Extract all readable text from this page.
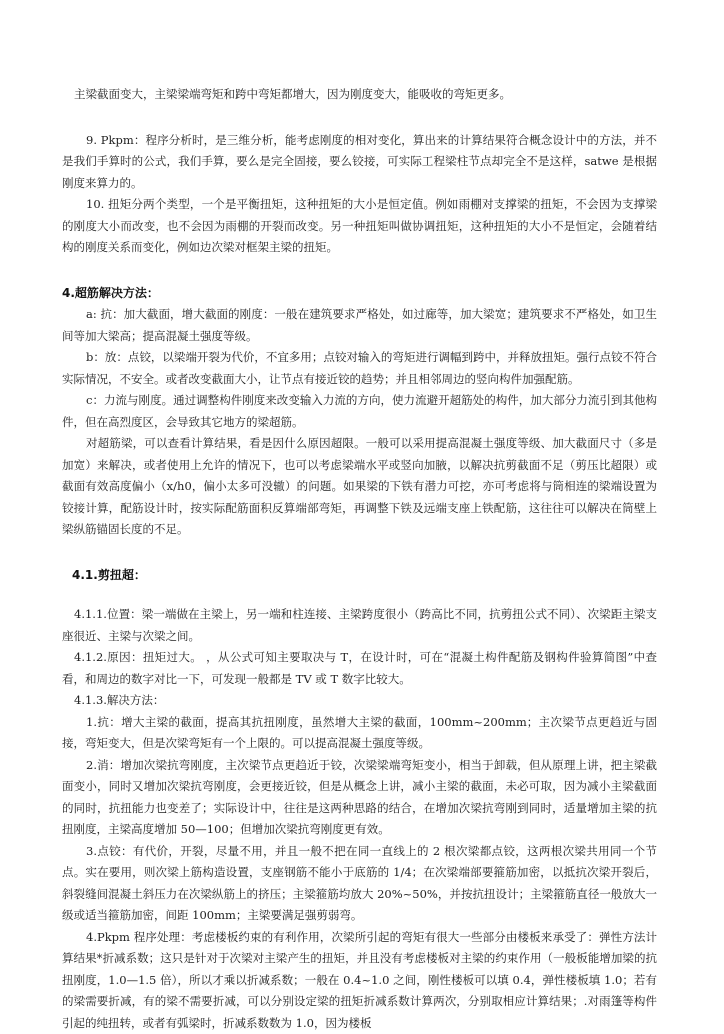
主梁截面变大，主梁梁端弯矩和跨中弯矩都增大，因为刚度变大，能吸收的弯矩更多。

9. Pkpm：程序分析时，是三维分析，能考虑刚度的相对变化，算出来的计算结果符合概念设计中的方法，并不是我们手算时的公式，我们手算，要么是完全固接，要么铰接，可实际工程梁柱节点却完全不是这样，satwe 是根据刚度来算力的。

10. 扭矩分两个类型，一个是平衡扭矩，这种扭矩的大小是恒定值。例如雨棚对支撑梁的扭矩，不会因为支撑梁的刚度大小而改变，也不会因为雨棚的开裂而改变。另一种扭矩叫做协调扭矩，这种扭矩的大小不是恒定，会随着结构的刚度关系而变化，例如边次梁对框架主梁的扭矩。

4.超筋解决方法：

a: 抗：加大截面，增大截面的刚度：一般在建筑要求严格处，如过廊等，加大梁宽；建筑要求不严格处，如卫生间等加大梁高；提高混凝土强度等级。

b：放：点铰，以梁端开裂为代价，不宜多用；点铰对输入的弯矩进行调幅到跨中，并释放扭矩。强行点铰不符合实际情况，不安全。或者改变截面大小，让节点有接近铰的趋势；并且相邻周边的竖向构件加强配筋。

c：力流与刚度。通过调整构件刚度来改变输入力流的方向，使力流避开超筋处的构件，加大部分力流引到其他构件，但在高烈度区，会导致其它地方的梁超筋。

对超筋梁，可以查看计算结果，看是因什么原因超限。一般可以采用提高混凝土强度等级、加大截面尺寸（多是加宽）来解决，或者使用上允许的情况下，也可以考虑梁端水平或竖向加腋，以解决抗剪截面不足（剪压比超限）或截面有效高度偏小（x/h0，偏小太多可没辙）的问题。如果梁的下铁有潜力可挖，亦可考虑将与筒相连的梁端设置为铰接计算，配筋设计时，按实际配筋面积反算端部弯矩，再调整下铁及远端支座上铁配筋，这往往可以解决在筒壁上梁纵筋锚固长度的不足。

4.1.剪扭超：

4.1.1.位置：梁一端做在主梁上，另一端和柱连接、主梁跨度很小（跨高比不同，抗剪扭公式不同）、次梁距主梁支座很近、主梁与次梁之间。

4.1.2.原因：扭矩过大。 ，从公式可知主要取决与 T，在设计时，可在“混凝土构件配筋及钢构件验算简图”中查看，和周边的数字对比一下，可发现一般都是 TV 或 T 数字比较大。

4.1.3.解决方法：

1.抗：增大主梁的截面，提高其抗扭刚度，虽然增大主梁的截面，100mm~200mm；主次梁节点更趋近与固接，弯矩变大，但是次梁弯矩有一个上限的。可以提高混凝土强度等级。

2.消：增加次梁抗弯刚度，主次梁节点更趋近于铰，次梁梁端弯矩变小，相当于卸载，但从原理上讲，把主梁截面变小，同时又增加次梁抗弯刚度，会更接近铰，但是从概念上讲，减小主梁的截面，未必可取，因为减小主梁截面的同时，抗扭能力也变差了；实际设计中，往往是这两种思路的结合，在增加次梁抗弯刚到同时，适量增加主梁的抗扭刚度，主梁高度增加 50—100；但增加次梁抗弯刚度更有效。

3.点铰：有代价，开裂，尽量不用，并且一般不把在同一直线上的 2 根次梁都点铰，这两根次梁共用同一个节点。实在要用，则次梁上筋构造设置，支座钢筋不能小于底筋的 1/4；在次梁端部要箍筋加密，以抵抗次梁开裂后，斜裂缝间混凝土斜压力在次梁纵筋上的挤压；主梁箍筋均放大 20%~50%，并按抗扭设计；主梁箍筋直径一般放大一级或适当箍筋加密，间距 100mm；主梁要满足强剪弱弯。

4.Pkpm 程序处理：考虑楼板约束的有利作用，次梁所引起的弯矩有很大一些部分由楼板来承受了：弹性方法计算结果*折减系数；这只是针对于次梁对主梁产生的扭矩，并且没有考虑楼板对主梁的约束作用（一般板能增加梁的抗扭刚度，1.0—1.5 倍），所以才乘以折减系数；一般在 0.4~1.0 之间，刚性楼板可以填 0.4，弹性楼板填 1.0；若有的梁需要折减，有的梁不需要折减，可以分别设定梁的扭矩折减系数计算两次，分别取相应计算结果；.对雨篷等构件引起的纯扭转，或者有弧梁时，折减系数数为 1.0，因为楼板
